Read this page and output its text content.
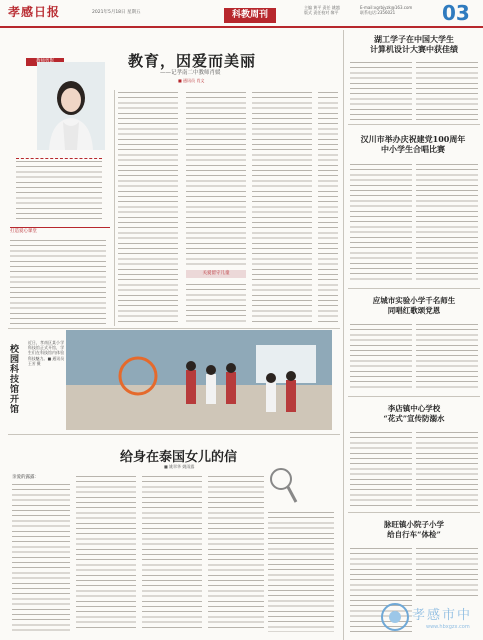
孝感日报	2021年5月18日 星期五	科教周刊
主编 黄平 责任 姚越
版式 责任校对 黎平
E-mail:xgrbjyzk@163.com
联系电话:2356021	03
教育，因爱而美丽
——记孝南二中教师肖媛
■ 通讯员 肖文
打造爱心课堂
关爱留守儿童
校园科技馆开馆
近日，孝南区某小学科技馆正式开馆，学生们在科技馆内体验科技魅力。■ 通讯员 王芳 摄
给身在泰国女儿的信
■ 姚翠华 姚雨露
亲爱的露露：
湖工学子在中国大学生
计算机设计大赛中获佳绩
汉川市举办庆祝建党100周年
中小学生合唱比赛
应城市实验小学千名师生
同唱红歌颂党恩
李店镇中心学校
“花式”宣传防溺水
脉旺镇小院子小学
给自行车“体检”
孝感市中
www.hbxgzx.com
